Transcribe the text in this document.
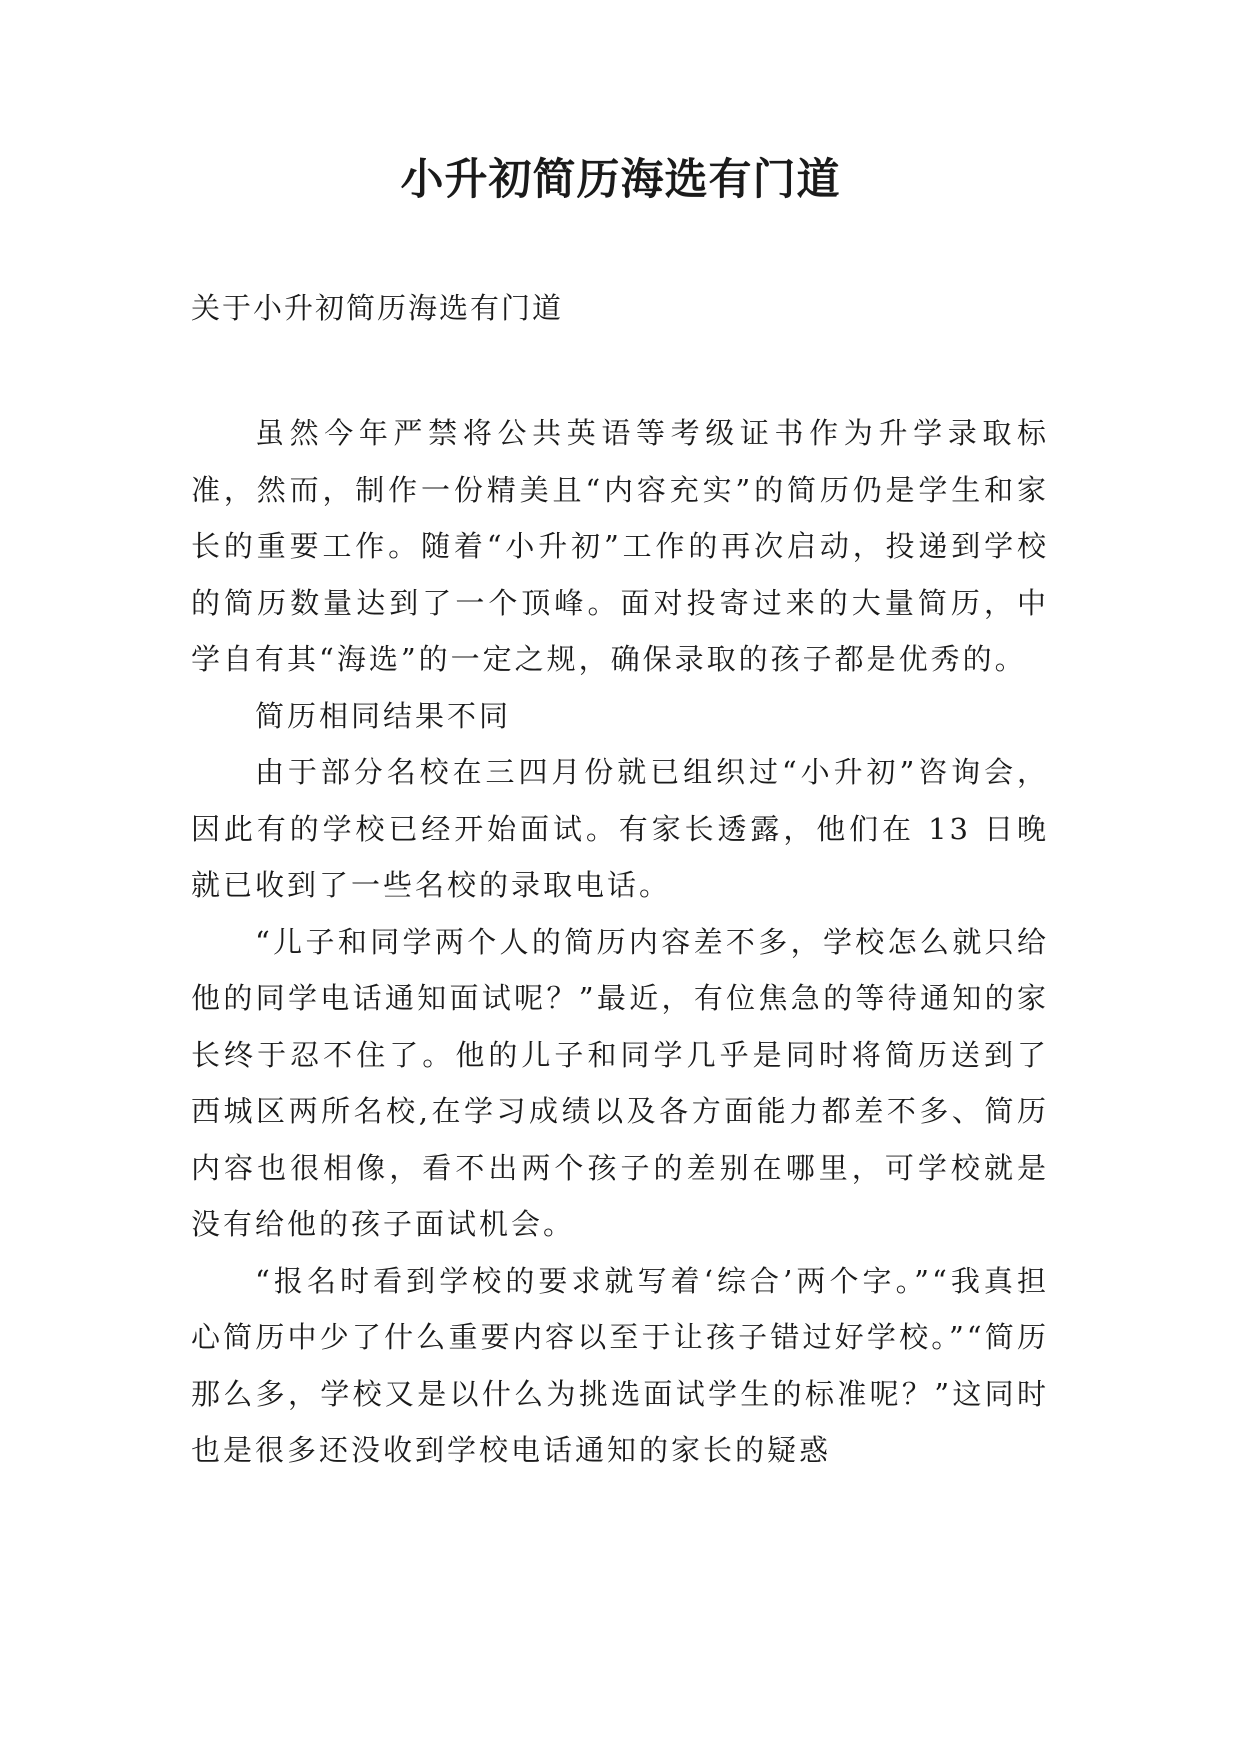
小升初简历海选有门道

关于小升初简历海选有门道

虽然今年严禁将公共英语等考级证书作为升学录取标准，然而，制作一份精美且“内容充实”的简历仍是学生和家长的重要工作。随着“小升初”工作的再次启动，投递到学校的简历数量达到了一个顶峰。面对投寄过来的大量简历，中学自有其“海选”的一定之规，确保录取的孩子都是优秀的。

简历相同结果不同

由于部分名校在三四月份就已组织过“小升初”咨询会，因此有的学校已经开始面试。有家长透露，他们在 13 日晚就已收到了一些名校的录取电话。

“儿子和同学两个人的简历内容差不多，学校怎么就只给他的同学电话通知面试呢？”最近，有位焦急的等待通知的家长终于忍不住了。他的儿子和同学几乎是同时将简历送到了西城区两所名校,在学习成绩以及各方面能力都差不多、简历内容也很相像，看不出两个孩子的差别在哪里，可学校就是没有给他的孩子面试机会。

“报名时看到学校的要求就写着‘综合’两个字。”“我真担心简历中少了什么重要内容以至于让孩子错过好学校。”“简历那么多，学校又是以什么为挑选面试学生的标准呢？”这同时也是很多还没收到学校电话通知的家长的疑惑
